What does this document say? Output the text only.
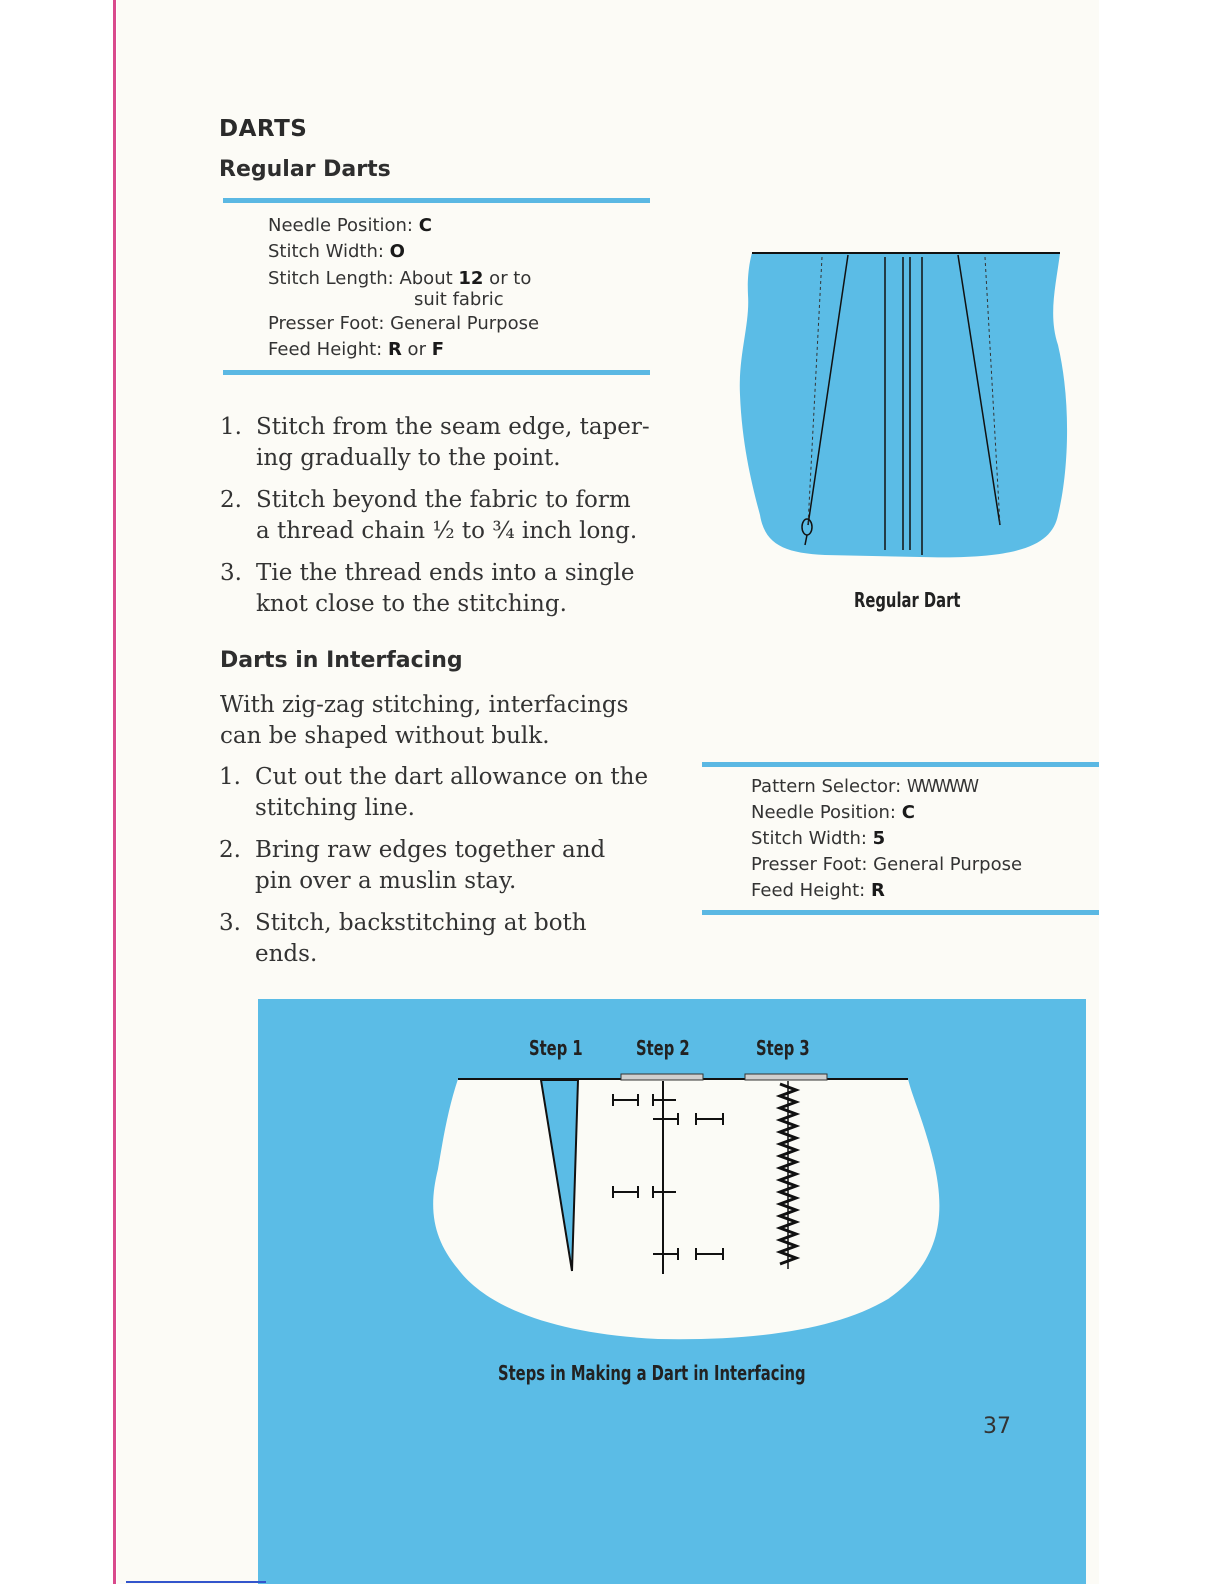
DARTS
Regular Darts
Needle Position: C
Stitch Width: O
Stitch Length: About 12 or to
suit fabric
Presser Foot: General Purpose
Feed Height: R or F
1. Stitch from the seam edge, taper-ing gradually to the point.
2. Stitch beyond the fabric to form a thread chain ½ to ¾ inch long.
3. Tie the thread ends into a single knot close to the stitching.	Regular Dart
Darts in Interfacing
With zig-zag stitching, interfacings can be shaped without bulk.
1. Cut out the dart allowance on the stitching line.
2. Bring raw edges together and pin over a muslin stay.
3. Stitch, backstitching at both ends.
Pattern Selector: WWWWW
Needle Position: C
Stitch Width: 5
Presser Foot: General Purpose
Feed Height: R
Step 1	Step 2	Step 3
Steps in Making a Dart in Interfacing
37
